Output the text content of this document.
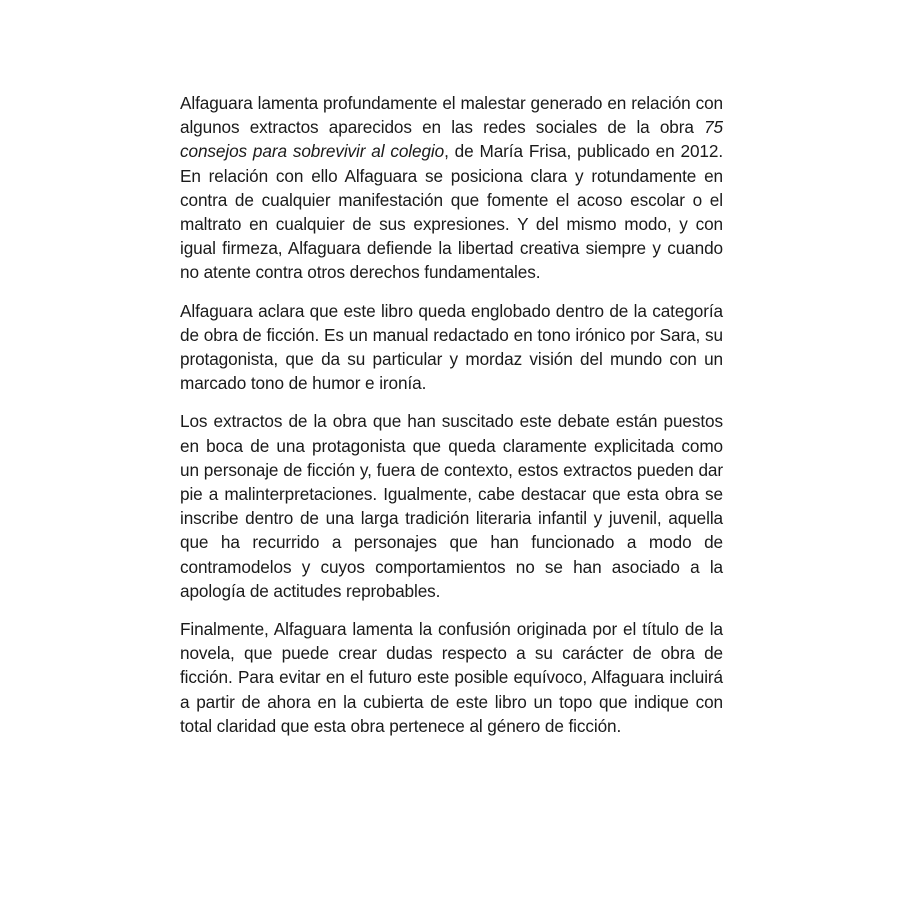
Alfaguara lamenta profundamente el malestar generado en relación con algunos extractos aparecidos en las redes sociales de la obra 75 consejos para sobrevivir al colegio, de María Frisa, publicado en 2012. En relación con ello Alfaguara se posiciona clara y rotundamente en contra de cualquier manifestación que fomente el acoso escolar o el maltrato en cualquier de sus expresiones. Y del mismo modo, y con igual firmeza, Alfaguara defiende la libertad creativa siempre y cuando no atente contra otros derechos fundamentales.

Alfaguara aclara que este libro queda englobado dentro de la categoría de obra de ficción. Es un manual redactado en tono irónico por Sara, su protagonista, que da su particular y mordaz visión del mundo con un marcado tono de humor e ironía.

Los extractos de la obra que han suscitado este debate están puestos en boca de una protagonista que queda claramente explicitada como un personaje de ficción y, fuera de contexto, estos extractos pueden dar pie a malinterpretaciones. Igualmente, cabe destacar que esta obra se inscribe dentro de una larga tradición literaria infantil y juvenil, aquella que ha recurrido a personajes que han funcionado a modo de contramodelos y cuyos comportamientos no se han asociado a la apología de actitudes reprobables.

Finalmente, Alfaguara lamenta la confusión originada por el título de la novela, que puede crear dudas respecto a su carácter de obra de ficción. Para evitar en el futuro este posible equívoco, Alfaguara incluirá a partir de ahora en la cubierta de este libro un topo que indique con total claridad que esta obra pertenece al género de ficción.
